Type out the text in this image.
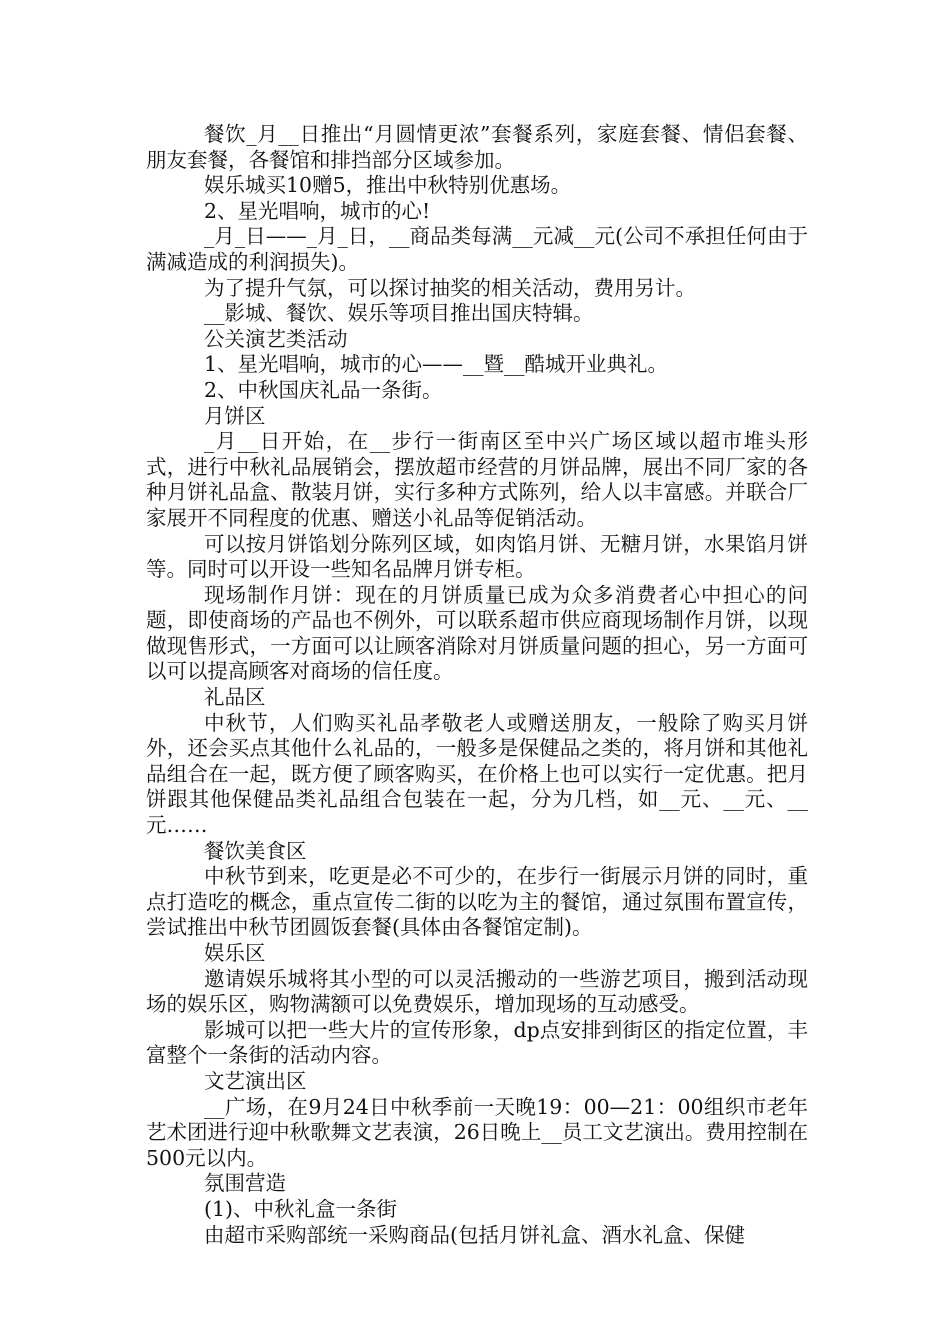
餐饮_月__日推出“月圆情更浓”套餐系列，家庭套餐、情侣套餐、朋友套餐，各餐馆和排挡部分区域参加。

娱乐城买10赠5，推出中秋特别优惠场。

2、星光唱响，城市的心!

_月_日——_月_日，__商品类每满__元减__元(公司不承担任何由于满减造成的利润损失)。

为了提升气氛，可以探讨抽奖的相关活动，费用另计。

__影城、餐饮、娱乐等项目推出国庆特辑。

公关演艺类活动

1、星光唱响，城市的心——__暨__酷城开业典礼。

2、中秋国庆礼品一条街。

月饼区

_月__日开始，在__步行一街南区至中兴广场区域以超市堆头形式，进行中秋礼品展销会，摆放超市经营的月饼品牌，展出不同厂家的各种月饼礼品盒、散装月饼，实行多种方式陈列，给人以丰富感。并联合厂家展开不同程度的优惠、赠送小礼品等促销活动。

可以按月饼馅划分陈列区域，如肉馅月饼、无糖月饼，水果馅月饼等。同时可以开设一些知名品牌月饼专柜。

现场制作月饼：现在的月饼质量已成为众多消费者心中担心的问题，即使商场的产品也不例外，可以联系超市供应商现场制作月饼，以现做现售形式，一方面可以让顾客消除对月饼质量问题的担心，另一方面可以可以提高顾客对商场的信任度。

礼品区

中秋节，人们购买礼品孝敬老人或赠送朋友，一般除了购买月饼外，还会买点其他什么礼品的，一般多是保健品之类的，将月饼和其他礼品组合在一起，既方便了顾客购买，在价格上也可以实行一定优惠。把月饼跟其他保健品类礼品组合包装在一起，分为几档，如__元、__元、__元……

餐饮美食区

中秋节到来，吃更是必不可少的，在步行一街展示月饼的同时，重点打造吃的概念，重点宣传二街的以吃为主的餐馆，通过氛围布置宣传，尝试推出中秋节团圆饭套餐(具体由各餐馆定制)。

娱乐区

邀请娱乐城将其小型的可以灵活搬动的一些游艺项目，搬到活动现场的娱乐区，购物满额可以免费娱乐，增加现场的互动感受。

影城可以把一些大片的宣传形象，dp点安排到街区的指定位置，丰富整个一条街的活动内容。

文艺演出区

__广场，在9月24日中秋季前一天晚19：00—21：00组织市老年艺术团进行迎中秋歌舞文艺表演，26日晚上__员工文艺演出。费用控制在500元以内。

氛围营造

(1)、中秋礼盒一条街

由超市采购部统一采购商品(包括月饼礼盒、酒水礼盒、保健
